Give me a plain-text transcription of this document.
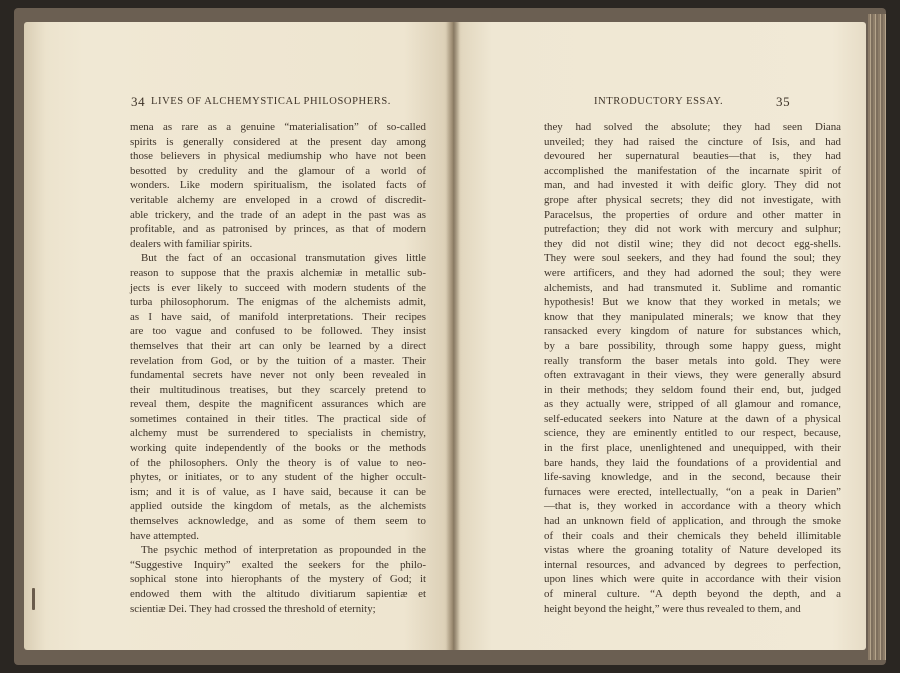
34 LIVES OF ALCHEMYSTICAL PHILOSOPHERS.
mena as rare as a genuine “materialisation” of so-called
spirits is generally considered at the present day among
those believers in physical mediumship who have not been
besotted by credulity and the glamour of a world of
wonders. Like modern spiritualism, the isolated facts of
veritable alchemy are enveloped in a crowd of discredit-
able trickery, and the trade of an adept in the past was as
profitable, and as patronised by princes, as that of modern
dealers with familiar spirits.
But the fact of an occasional transmutation gives little
reason to suppose that the praxis alchemiæ in metallic sub-
jects is ever likely to succeed with modern students of the
turba philosophorum. The enigmas of the alchemists admit,
as I have said, of manifold interpretations. Their recipes
are too vague and confused to be followed. They insist
themselves that their art can only be learned by a direct
revelation from God, or by the tuition of a master. Their
fundamental secrets have never not only been revealed in
their multitudinous treatises, but they scarcely pretend to
reveal them, despite the magnificent assurances which are
sometimes contained in their titles. The practical side of
alchemy must be surrendered to specialists in chemistry,
working quite independently of the books or the methods
of the philosophers. Only the theory is of value to neo-
phytes, or initiates, or to any student of the higher occult-
ism; and it is of value, as I have said, because it can be
applied outside the kingdom of metals, as the alchemists
themselves acknowledge, and as some of them seem to
have attempted.
The psychic method of interpretation as propounded in the
“Suggestive Inquiry” exalted the seekers for the philo-
sophical stone into hierophants of the mystery of God; it
endowed them with the altitudo divitiarum sapientiæ et
scientiæ Dei. They had crossed the threshold of eternity;
INTRODUCTORY ESSAY.	35
they had solved the absolute; they had seen Diana
unveiled; they had raised the cincture of Isis, and had
devoured her supernatural beauties—that is, they had
accomplished the manifestation of the incarnate spirit of
man, and had invested it with deific glory. They did not
grope after physical secrets; they did not investigate, with
Paracelsus, the properties of ordure and other matter in
putrefaction; they did not work with mercury and sulphur;
they did not distil wine; they did not decoct egg-shells.
They were soul seekers, and they had found the soul; they
were artificers, and they had adorned the soul; they were
alchemists, and had transmuted it. Sublime and romantic
hypothesis! But we know that they worked in metals; we
know that they manipulated minerals; we know that they
ransacked every kingdom of nature for substances which,
by a bare possibility, through some happy guess, might
really transform the baser metals into gold. They were
often extravagant in their views, they were generally absurd
in their methods; they seldom found their end, but, judged
as they actually were, stripped of all glamour and romance,
self-educated seekers into Nature at the dawn of a physical
science, they are eminently entitled to our respect, because,
in the first place, unenlightened and unequipped, with their
bare hands, they laid the foundations of a providential and
life-saving knowledge, and in the second, because their
furnaces were erected, intellectually, “on a peak in Darien”
—that is, they worked in accordance with a theory which
had an unknown field of application, and through the smoke
of their coals and their chemicals they beheld illimitable
vistas where the groaning totality of Nature developed its
internal resources, and advanced by degrees to perfection,
upon lines which were quite in accordance with their vision
of mineral culture. “A depth beyond the depth, and a
height beyond the height,” were thus revealed to them, and
